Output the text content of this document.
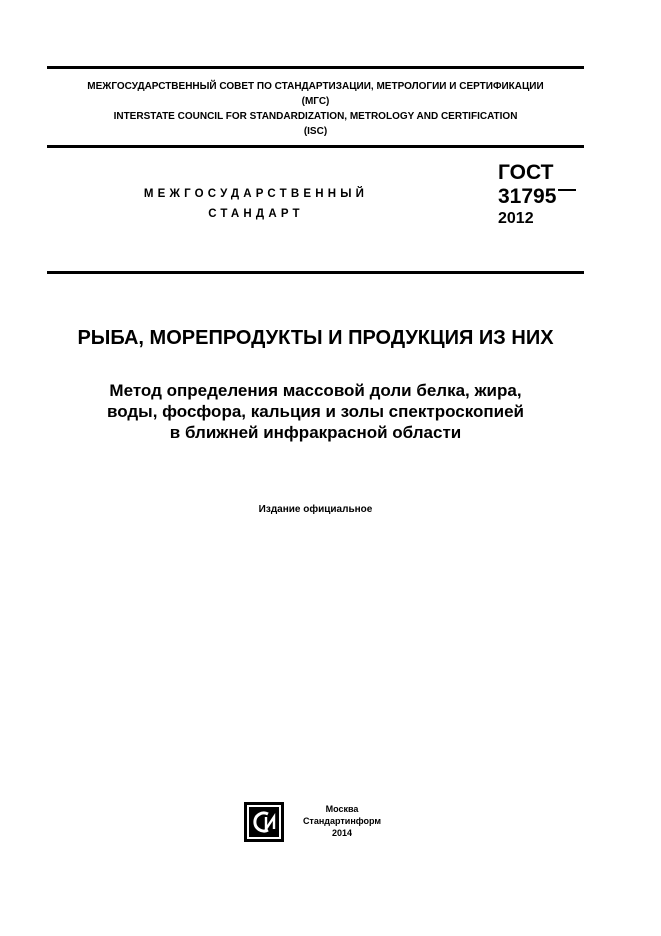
МЕЖГОСУДАРСТВЕННЫЙ СОВЕТ ПО СТАНДАРТИЗАЦИИ, МЕТРОЛОГИИ И СЕРТИФИКАЦИИ
(МГС)
INTERSTATE COUNCIL FOR STANDARDIZATION, METROLOGY AND CERTIFICATION
(ISC)
МЕЖГОСУДАРСТВЕННЫЙ
СТАНДАРТ
ГОСТ
31795
2012
РЫБА, МОРЕПРОДУКТЫ И ПРОДУКЦИЯ ИЗ НИХ
Метод определения массовой доли белка, жира,
воды, фосфора, кальция и золы спектроскопией
в ближней инфракрасной области
Издание официальное
Москва
Стандартинформ
2014
